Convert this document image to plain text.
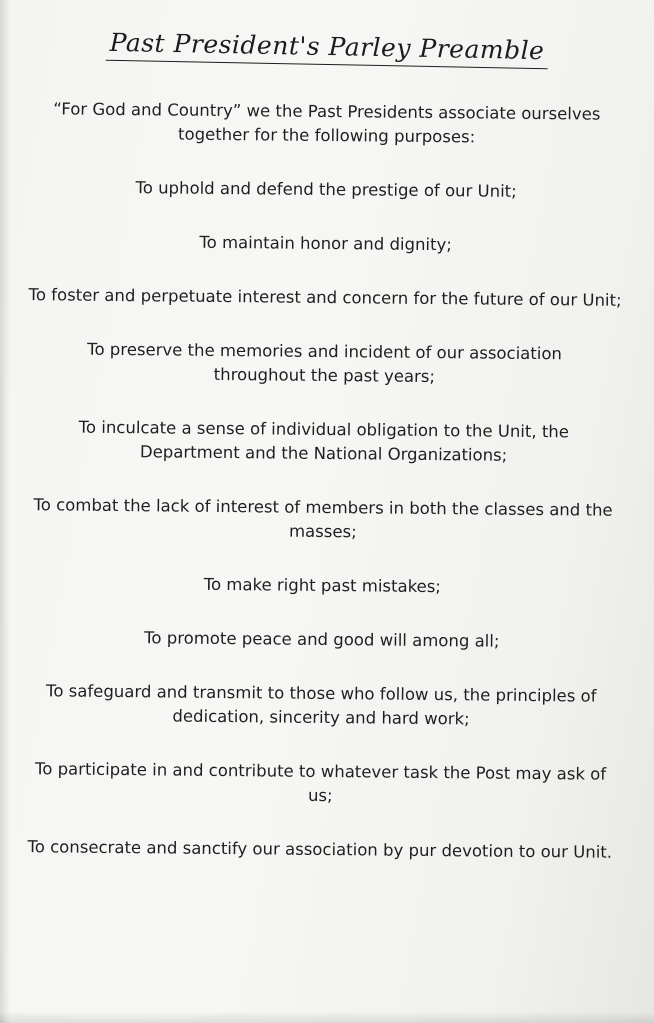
Past President's Parley Preamble

“For God and Country” we the Past Presidents associate ourselves together for the following purposes:

To uphold and defend the prestige of our Unit;

To maintain honor and dignity;

To foster and perpetuate interest and concern for the future of our Unit;

To preserve the memories and incident of our association throughout the past years;

To inculcate a sense of individual obligation to the Unit, the Department and the National Organizations;

To combat the lack of interest of members in both the classes and the masses;

To make right past mistakes;

To promote peace and good will among all;

To safeguard and transmit to those who follow us, the principles of dedication, sincerity and hard work;

To participate in and contribute to whatever task the Post may ask of us;

To consecrate and sanctify our association by pur devotion to our Unit.
